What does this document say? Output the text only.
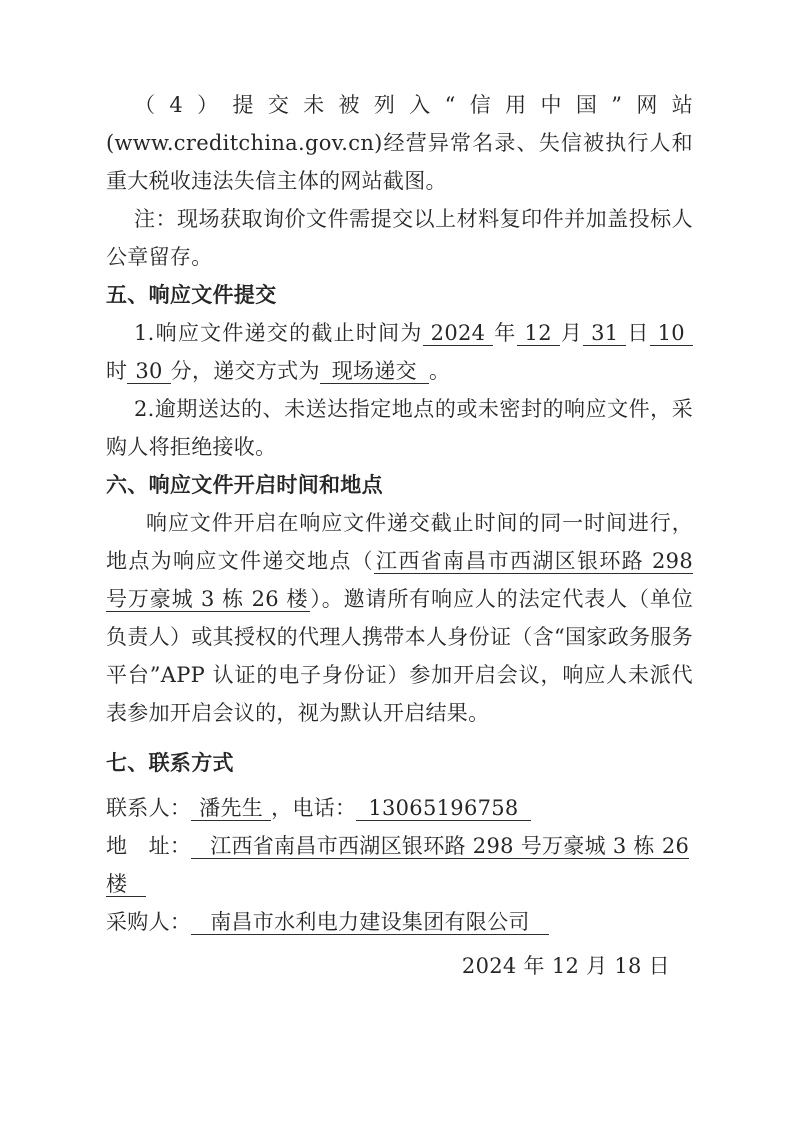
（4）提交未被列入“信用中国”网站(www.creditchina.gov.cn)经营异常名录、失信被执行人和重大税收违法失信主体的网站截图。

注：现场获取询价文件需提交以上材料复印件并加盖投标人公章留存。

五、响应文件提交

1.响应文件递交的截止时间为 2024 年 12 月 31 日 10时 30 分，递交方式为 现场递交 。

2.逾期送达的、未送达指定地点的或未密封的响应文件，采购人将拒绝接收。

六、响应文件开启时间和地点

响应文件开启在响应文件递交截止时间的同一时间进行，地点为响应文件递交地点（江西省南昌市西湖区银环路 298 号万豪城 3 栋 26 楼）。邀请所有响应人的法定代表人（单位负责人）或其授权的代理人携带本人身份证（含“国家政务服务平台”APP 认证的电子身份证）参加开启会议，响应人未派代表参加开启会议的，视为默认开启结果。

七、联系方式

联系人： 潘先生 ，电话： 13065196758

地　址： 江西省南昌市西湖区银环路 298 号万豪城 3 栋 26 楼

采购人： 南昌市水利电力建设集团有限公司

2024 年 12 月 18 日
